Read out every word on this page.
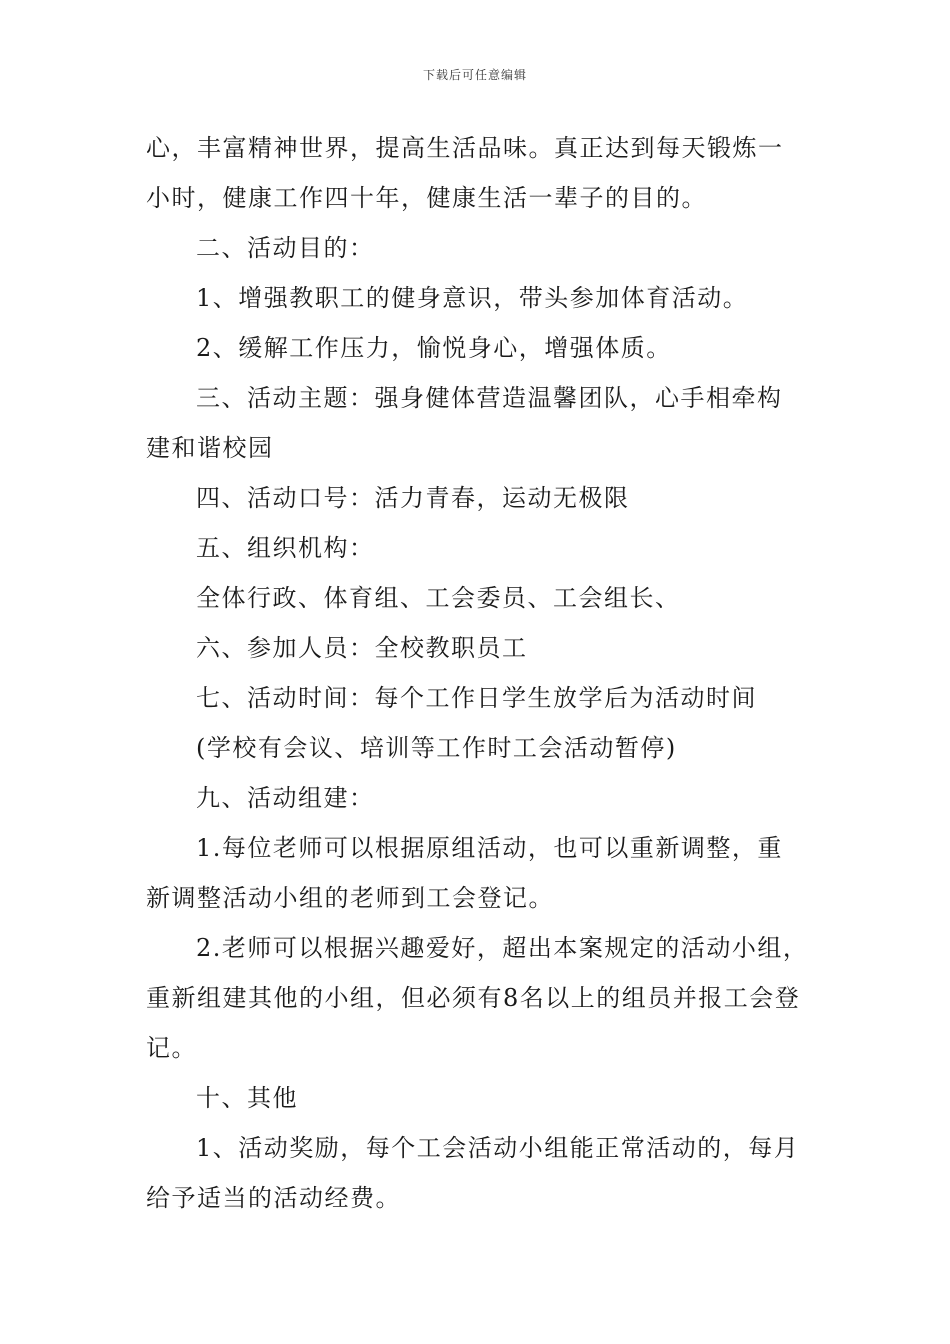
下载后可任意编辑
心，丰富精神世界，提高生活品味。真正达到每天锻炼一
小时，健康工作四十年，健康生活一辈子的目的。
二、活动目的：
1、增强教职工的健身意识，带头参加体育活动。
2、缓解工作压力，愉悦身心，增强体质。
三、活动主题：强身健体营造温馨团队，心手相牵构
建和谐校园
四、活动口号：活力青春，运动无极限
五、组织机构：
全体行政、体育组、工会委员、工会组长、
六、参加人员：全校教职员工
七、活动时间：每个工作日学生放学后为活动时间
(学校有会议、培训等工作时工会活动暂停)
九、活动组建：
1.每位老师可以根据原组活动，也可以重新调整，重
新调整活动小组的老师到工会登记。
2.老师可以根据兴趣爱好，超出本案规定的活动小组，
重新组建其他的小组，但必须有8名以上的组员并报工会登
记。
十、其他
1、活动奖励，每个工会活动小组能正常活动的，每月
给予适当的活动经费。
